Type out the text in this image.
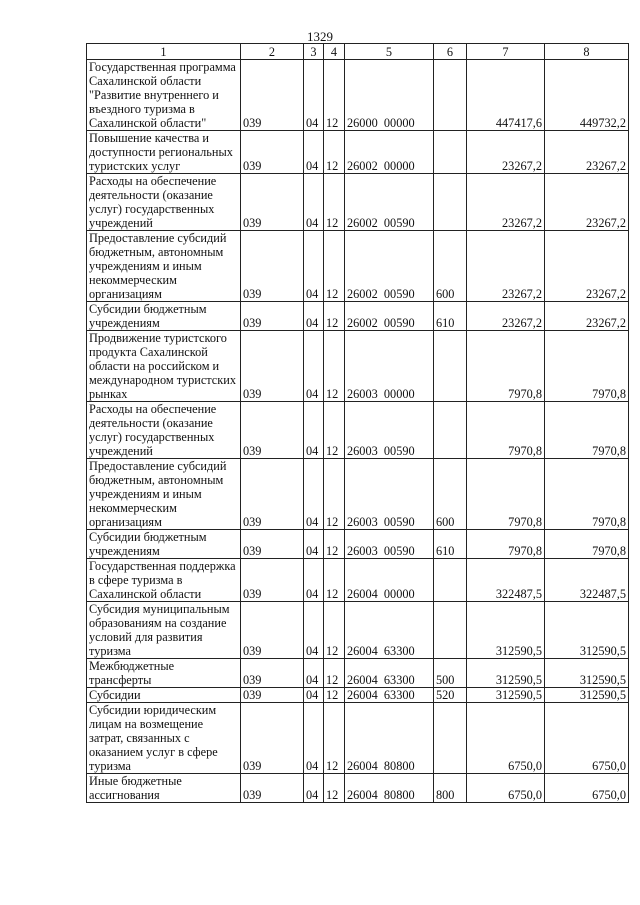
1329
1	2	3	4	5	6	7	8
Государственная программа Сахалинской области "Развитие внутреннего и въездного туризма в Сахалинской области"	039	04	12	26000  00000		447417,6	449732,2
Повышение качества и доступности региональных туристских услуг	039	04	12	26002  00000		23267,2	23267,2
Расходы на обеспечение деятельности (оказание услуг) государственных учреждений	039	04	12	26002  00590		23267,2	23267,2
Предоставление субсидий бюджетным, автономным учреждениям и иным некоммерческим организациям	039	04	12	26002  00590	600	23267,2	23267,2
Субсидии бюджетным учреждениям	039	04	12	26002  00590	610	23267,2	23267,2
Продвижение туристского продукта Сахалинской области на российском и международном туристских рынках	039	04	12	26003  00000		7970,8	7970,8
Расходы на обеспечение деятельности (оказание услуг) государственных учреждений	039	04	12	26003  00590		7970,8	7970,8
Предоставление субсидий бюджетным, автономным учреждениям и иным некоммерческим организациям	039	04	12	26003  00590	600	7970,8	7970,8
Субсидии бюджетным учреждениям	039	04	12	26003  00590	610	7970,8	7970,8
Государственная поддержка в сфере туризма в Сахалинской области	039	04	12	26004  00000		322487,5	322487,5
Субсидия муниципальным образованиям на создание условий для развития туризма	039	04	12	26004  63300		312590,5	312590,5
Межбюджетные трансферты	039	04	12	26004  63300	500	312590,5	312590,5
Субсидии	039	04	12	26004  63300	520	312590,5	312590,5
Субсидии юридическим лицам на возмещение затрат, связанных с оказанием услуг в сфере туризма	039	04	12	26004  80800		6750,0	6750,0
Иные бюджетные ассигнования	039	04	12	26004  80800	800	6750,0	6750,0
